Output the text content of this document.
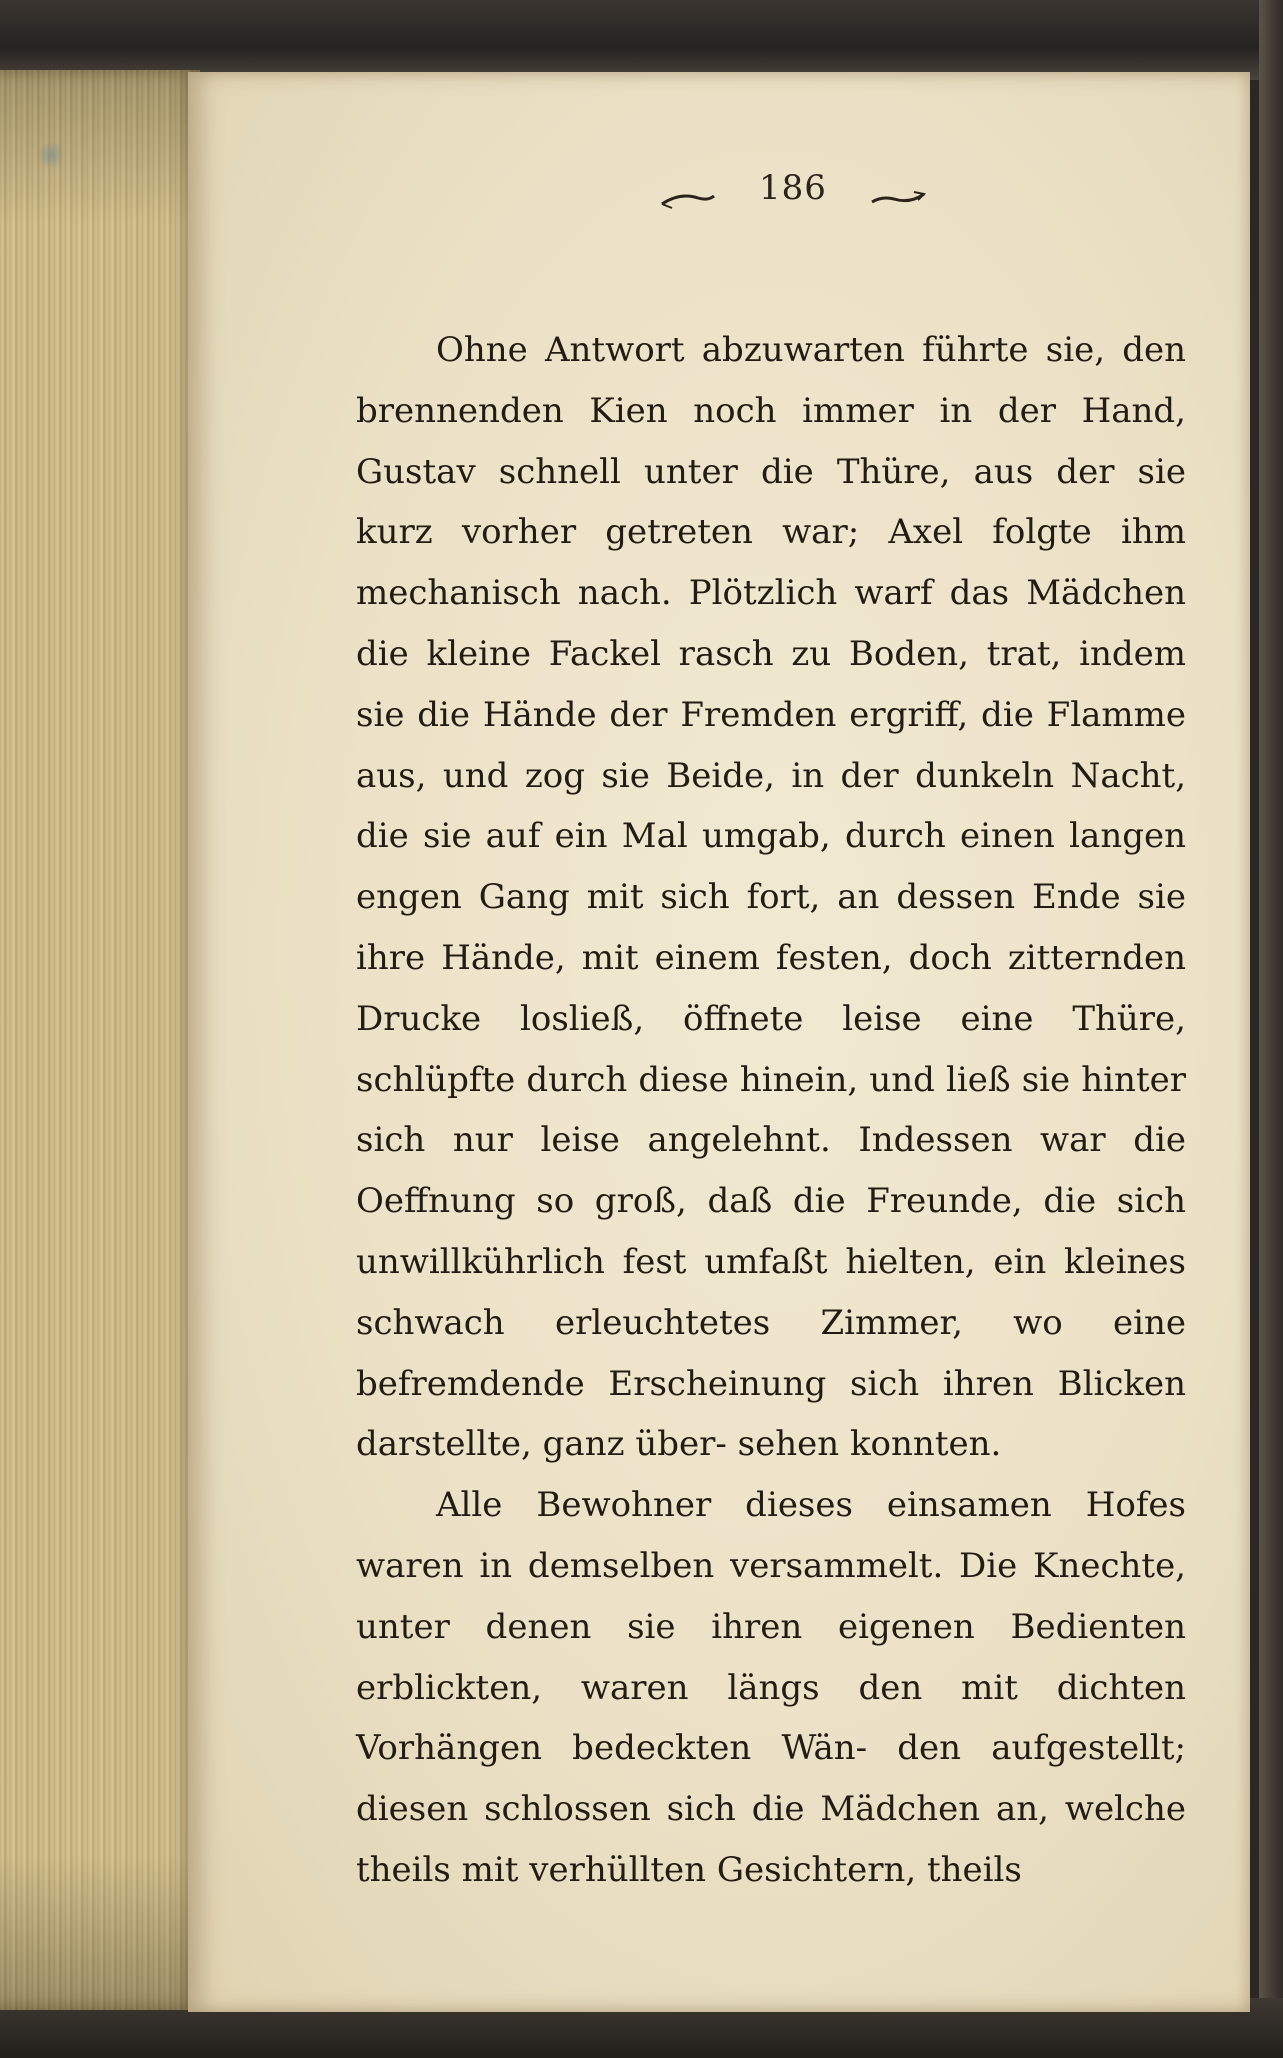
186

Ohne Antwort abzuwarten führte sie, den brennenden Kien noch immer in der Hand, Gustav schnell unter die Thüre, aus der sie kurz vorher getreten war; Axel folgte ihm mechanisch nach. Plötzlich warf das Mädchen die kleine Fackel rasch zu Boden, trat, indem sie die Hände der Fremden ergriff, die Flamme aus, und zog sie Beide, in der dunkeln Nacht, die sie auf ein Mal umgab, durch einen langen engen Gang mit sich fort, an dessen Ende sie ihre Hände, mit einem festen, doch zitternden Drucke losließ, öffnete leise eine Thüre, schlüpfte durch diese hinein, und ließ sie hinter sich nur leise angelehnt. Indessen war die Oeffnung so groß, daß die Freunde, die sich unwillkührlich fest umfaßt hielten, ein kleines schwach erleuchtetes Zimmer, wo eine befremdende Erscheinung sich ihren Blicken darstellte, ganz über- sehen konnten.

Alle Bewohner dieses einsamen Hofes waren in demselben versammelt. Die Knechte, unter denen sie ihren eigenen Bedienten erblickten, waren längs den mit dichten Vorhängen bedeckten Wän- den aufgestellt; diesen schlossen sich die Mädchen an, welche theils mit verhüllten Gesichtern, theils
